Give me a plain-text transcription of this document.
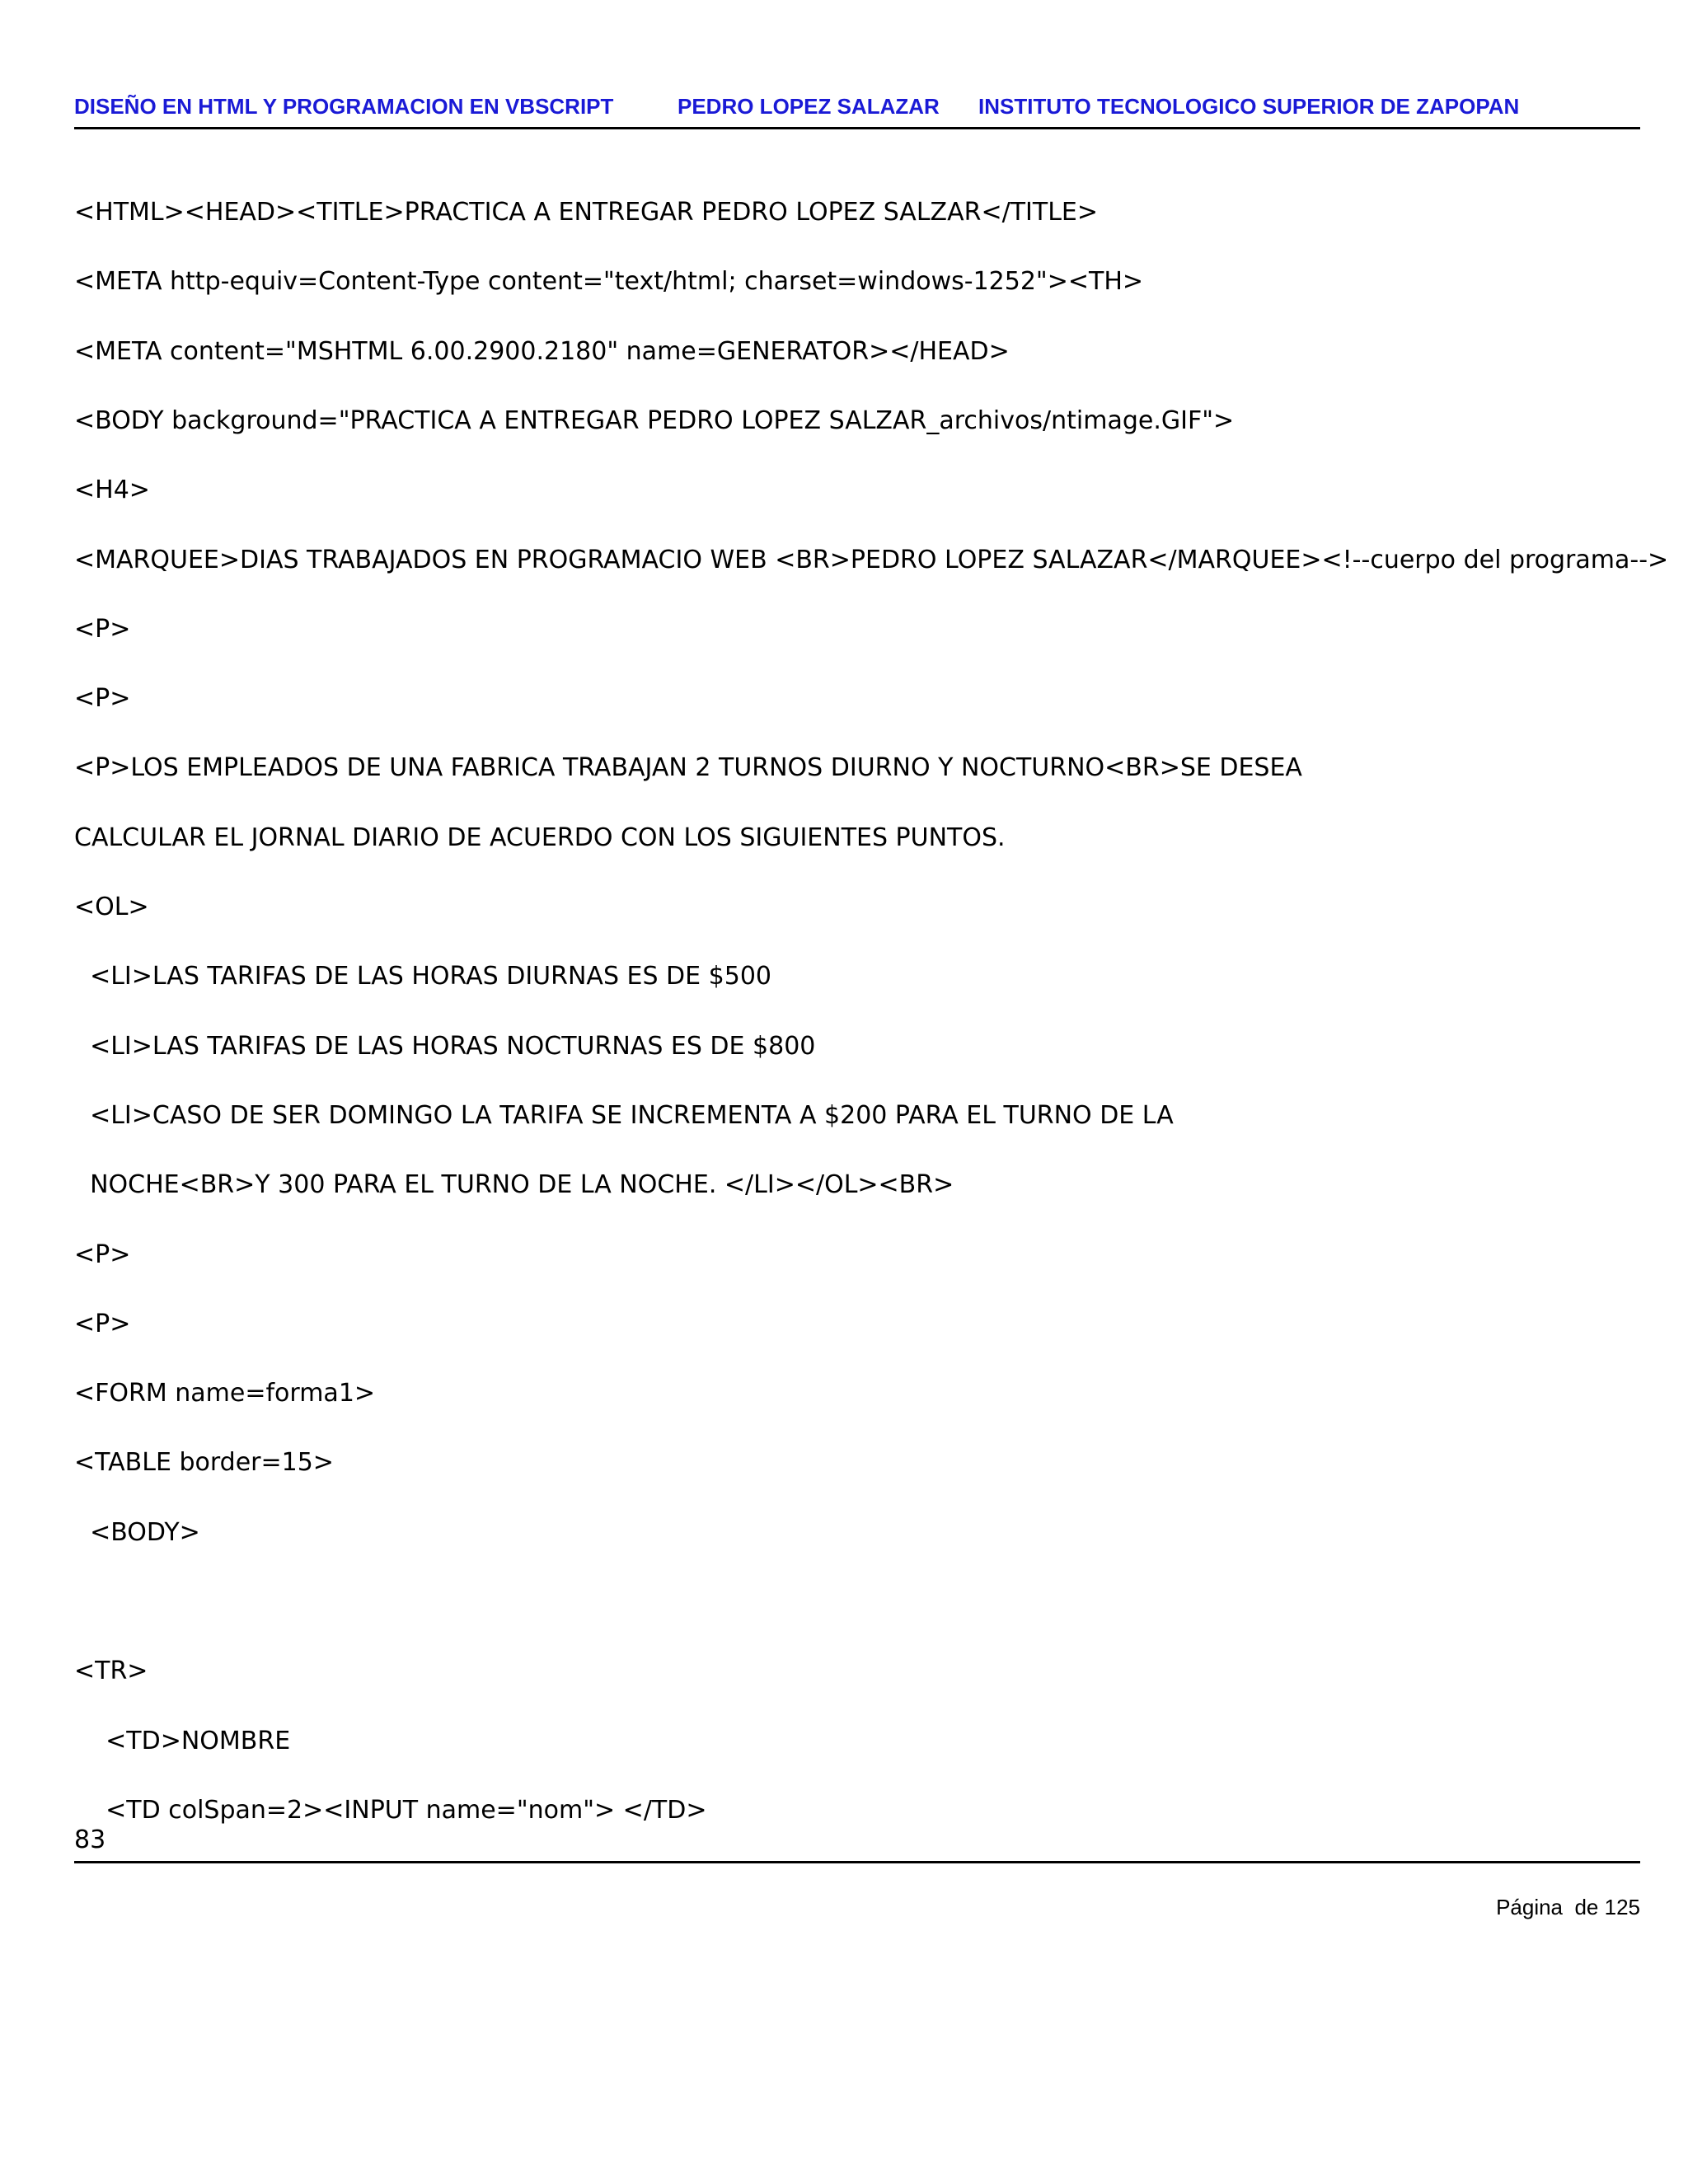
DISEÑO EN HTML Y PROGRAMACION EN VBSCRIPT	PEDRO LOPEZ SALAZAR INSTITUTO TECNOLOGICO SUPERIOR DE ZAPOPAN
<HTML><HEAD><TITLE>PRACTICA A ENTREGAR PEDRO LOPEZ SALZAR</TITLE>
<META http-equiv=Content-Type content="text/html; charset=windows-1252"><TH>
<META content="MSHTML 6.00.2900.2180" name=GENERATOR></HEAD>
<BODY background="PRACTICA A ENTREGAR PEDRO LOPEZ SALZAR_archivos/ntimage.GIF">
<H4>
<MARQUEE>DIAS TRABAJADOS EN PROGRAMACIO WEB <BR>PEDRO LOPEZ SALAZAR</MARQUEE><!--cuerpo del programa-->
<P>
<P>
<P>LOS EMPLEADOS DE UNA FABRICA TRABAJAN 2 TURNOS DIURNO Y NOCTURNO<BR>SE DESEA
CALCULAR EL JORNAL DIARIO DE ACUERDO CON LOS SIGUIENTES PUNTOS.
<OL>
<LI>LAS TARIFAS DE LAS HORAS DIURNAS ES DE $500
<LI>LAS TARIFAS DE LAS HORAS NOCTURNAS ES DE $800
<LI>CASO DE SER DOMINGO LA TARIFA SE INCREMENTA A $200 PARA EL TURNO DE LA
NOCHE<BR>Y 300 PARA EL TURNO DE LA NOCHE. </LI></OL><BR>
<P>
<P>
<FORM name=forma1>
<TABLE border=15>
<BODY>
<TR>
<TD>NOMBRE
<TD colSpan=2><INPUT name="nom"> </TD>
83
Página  de 125
